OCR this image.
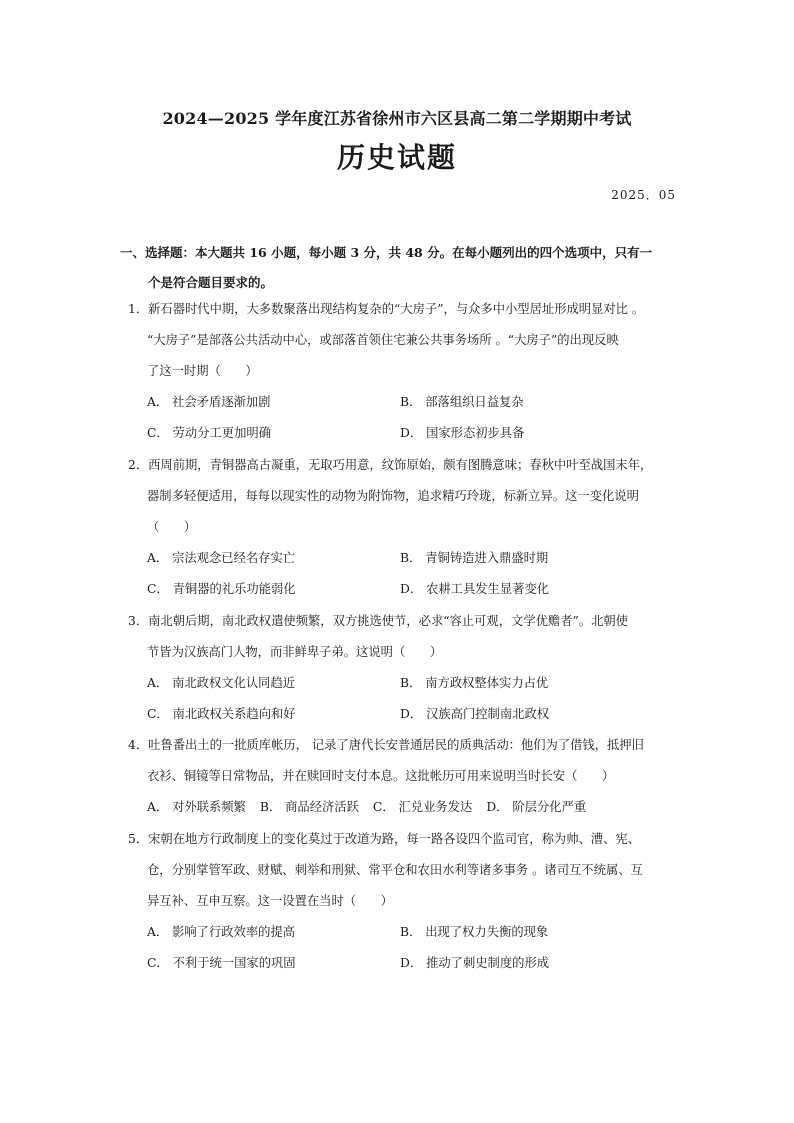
2024—2025 学年度江苏省徐州市六区县高二第二学期期中考试
历史试题
2025．05
一、选择题：本大题共 16 小题，每小题 3 分，共 48 分。在每小题列出的四个选项中，只有一
个是符合题目要求的。
1．新石器时代中期，大多数聚落出现结构复杂的“大房子”，与众多中小型居址形成明显对比 。
“大房子”是部落公共活动中心，或部落首领住宅兼公共事务场所 。“大房子”的出现反映
了这一时期（　　）
A． 社会矛盾逐渐加剧	B． 部落组织日益复杂
C． 劳动分工更加明确	D． 国家形态初步具备
2．西周前期，青铜器高古凝重，无取巧用意，纹饰原始，颇有图腾意味；春秋中叶至战国末年，
器制多轻便适用，每每以现实性的动物为附饰物，追求精巧玲珑，标新立异。这一变化说明
（　　）
A． 宗法观念已经名存实亡	B． 青铜铸造进入鼎盛时期
C． 青铜器的礼乐功能弱化	D． 农耕工具发生显著变化
3．南北朝后期，南北政权遣使频繁，双方挑选使节，必求“容止可观，文学优赡者”。北朝使
节皆为汉族高门人物，而非鲜卑子弟。这说明（　　）
A． 南北政权文化认同趋近	B． 南方政权整体实力占优
C． 南北政权关系趋向和好	D． 汉族高门控制南北政权
4．吐鲁番出土的一批质库帐历， 记录了唐代长安普通居民的质典活动：他们为了借钱，抵押旧
衣衫、铜镜等日常物品，并在赎回时支付本息。这批帐历可用来说明当时长安（　　）
A． 对外联系频繁 B． 商品经济活跃 C． 汇兑业务发达 D． 阶层分化严重
5．宋朝在地方行政制度上的变化莫过于改道为路，每一路各设四个监司官，称为帅、漕、宪、
仓，分别掌管军政、财赋、刺举和刑狱、常平仓和农田水利等诸多事务 。诸司互不统属、互
异互补、互申互察。这一设置在当时（　　）
A． 影响了行政效率的提高	B． 出现了权力失衡的现象
C． 不利于统一国家的巩固	D． 推动了刺史制度的形成
